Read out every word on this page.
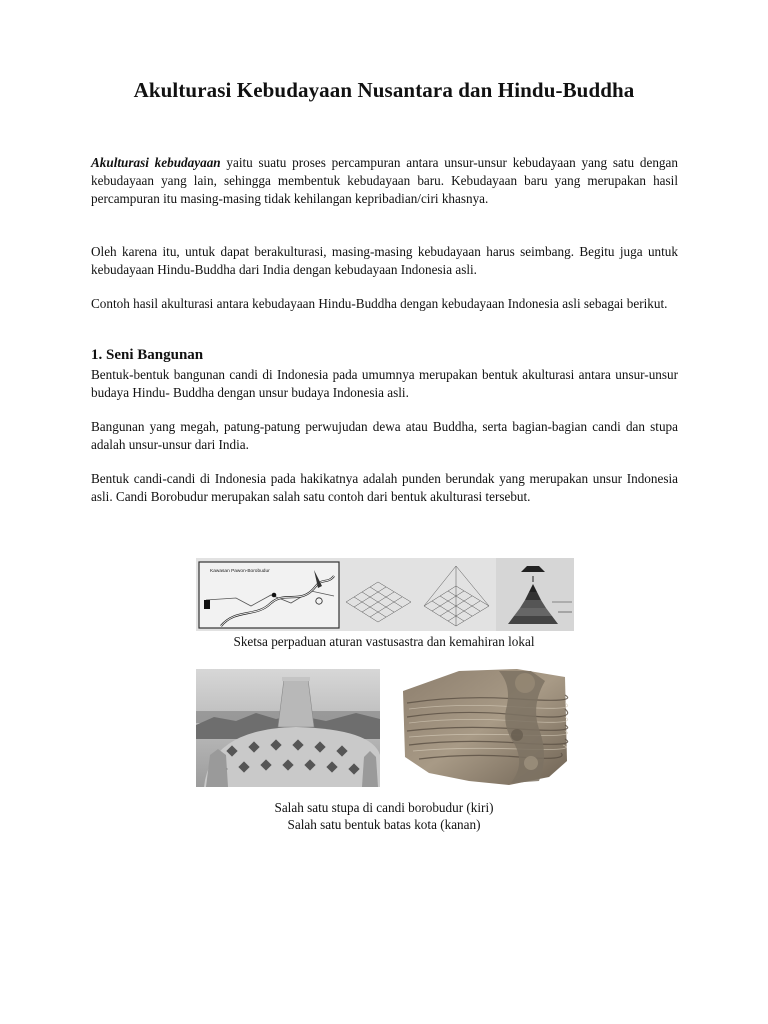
Akulturasi Kebudayaan Nusantara dan Hindu-Buddha

Akulturasi kebudayaan yaitu suatu proses percampuran antara unsur-unsur kebudayaan yang satu dengan kebudayaan yang lain, sehingga membentuk kebudayaan baru. Kebudayaan baru yang merupakan hasil percampuran itu masing-masing tidak kehilangan kepribadian/ciri khasnya.

Oleh karena itu, untuk dapat berakulturasi, masing-masing kebudayaan harus seimbang. Begitu juga untuk kebudayaan Hindu-Buddha dari India dengan kebudayaan Indonesia asli.

Contoh hasil akulturasi antara kebudayaan Hindu-Buddha dengan kebudayaan Indonesia asli sebagai berikut.

1. Seni Bangunan

Bentuk-bentuk bangunan candi di Indonesia pada umumnya merupakan bentuk akulturasi antara unsur-unsur budaya Hindu- Buddha dengan unsur budaya Indonesia asli.

Bangunan yang megah, patung-patung perwujudan dewa atau Buddha, serta bagian-bagian candi dan stupa adalah unsur-unsur dari India.

Bentuk candi-candi di Indonesia pada hakikatnya adalah punden berundak yang merupakan unsur Indonesia asli. Candi Borobudur merupakan salah satu contoh dari bentuk akulturasi tersebut.

Kawasan Pawon-Borobudur

Sketsa perpaduan aturan vastusastra dan kemahiran lokal

Salah satu stupa di candi borobudur (kiri)

Salah satu bentuk batas kota (kanan)
